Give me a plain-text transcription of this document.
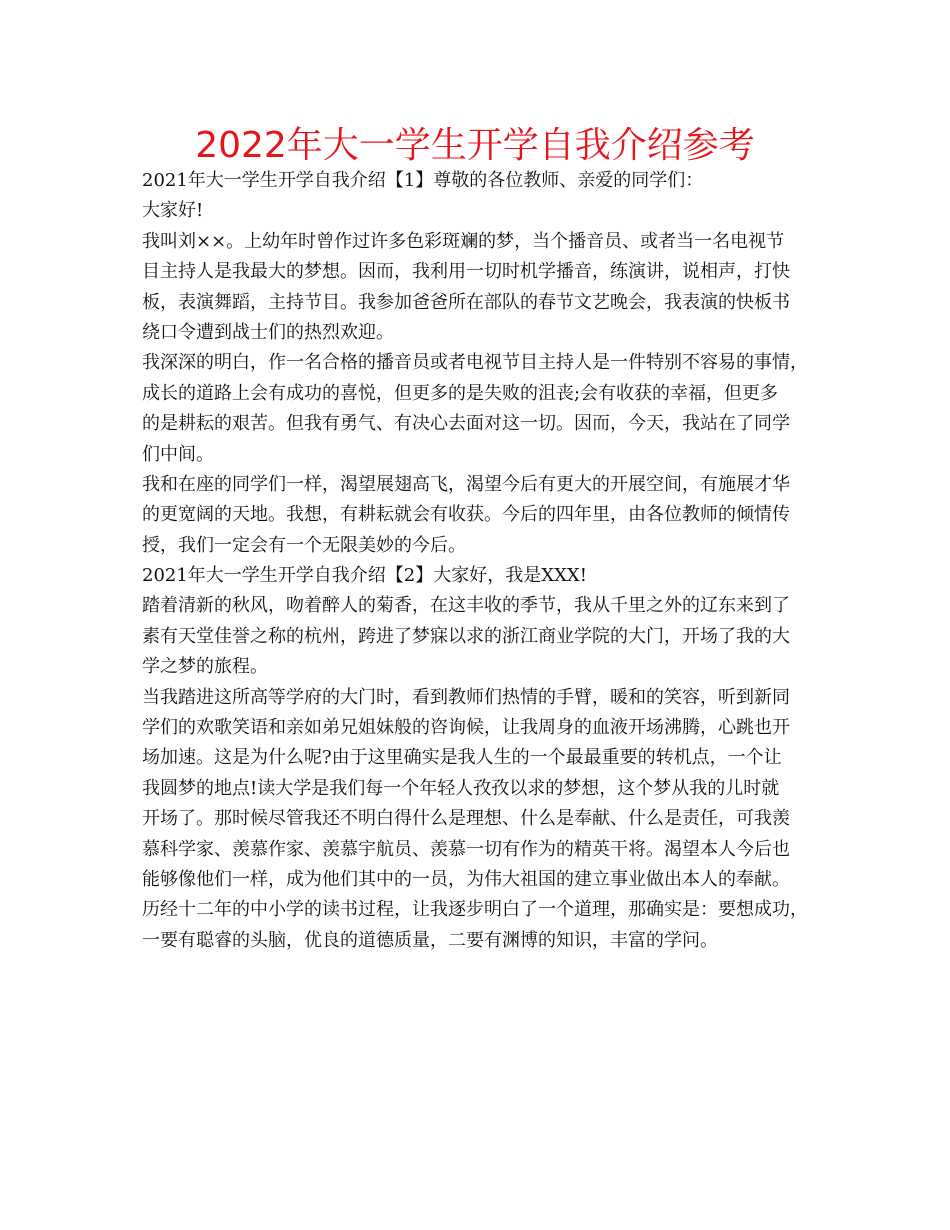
2022年大一学生开学自我介绍参考
2021年大一学生开学自我介绍【1】尊敬的各位教师、亲爱的同学们：
大家好!
我叫刘××。上幼年时曾作过许多色彩斑斓的梦，当个播音员、或者当一名电视节
目主持人是我最大的梦想。因而，我利用一切时机学播音，练演讲，说相声，打快
板，表演舞蹈，主持节目。我参加爸爸所在部队的春节文艺晚会，我表演的快板书
绕口令遭到战士们的热烈欢迎。
我深深的明白，作一名合格的播音员或者电视节目主持人是一件特别不容易的事情，
成长的道路上会有成功的喜悦，但更多的是失败的沮丧;会有收获的幸福，但更多
的是耕耘的艰苦。但我有勇气、有决心去面对这一切。因而，今天，我站在了同学
们中间。
我和在座的同学们一样，渴望展翅高飞，渴望今后有更大的开展空间，有施展才华
的更宽阔的天地。我想，有耕耘就会有收获。今后的四年里，由各位教师的倾情传
授，我们一定会有一个无限美妙的今后。
2021年大一学生开学自我介绍【2】大家好，我是XXX!
踏着清新的秋风，吻着醉人的菊香，在这丰收的季节，我从千里之外的辽东来到了
素有天堂佳誉之称的杭州，跨进了梦寐以求的浙江商业学院的大门，开场了我的大
学之梦的旅程。
当我踏进这所高等学府的大门时，看到教师们热情的手臂，暖和的笑容，听到新同
学们的欢歌笑语和亲如弟兄姐妹般的咨询候，让我周身的血液开场沸腾，心跳也开
场加速。这是为什么呢?由于这里确实是我人生的一个最最重要的转机点，一个让
我圆梦的地点!读大学是我们每一个年轻人孜孜以求的梦想，这个梦从我的儿时就
开场了。那时候尽管我还不明白得什么是理想、什么是奉献、什么是责任，可我羡
慕科学家、羡慕作家、羡慕宇航员、羡慕一切有作为的精英干将。渴望本人今后也
能够像他们一样，成为他们其中的一员，为伟大祖国的建立事业做出本人的奉献。
历经十二年的中小学的读书过程，让我逐步明白了一个道理，那确实是：要想成功，
一要有聪睿的头脑，优良的道德质量，二要有渊博的知识，丰富的学问。
